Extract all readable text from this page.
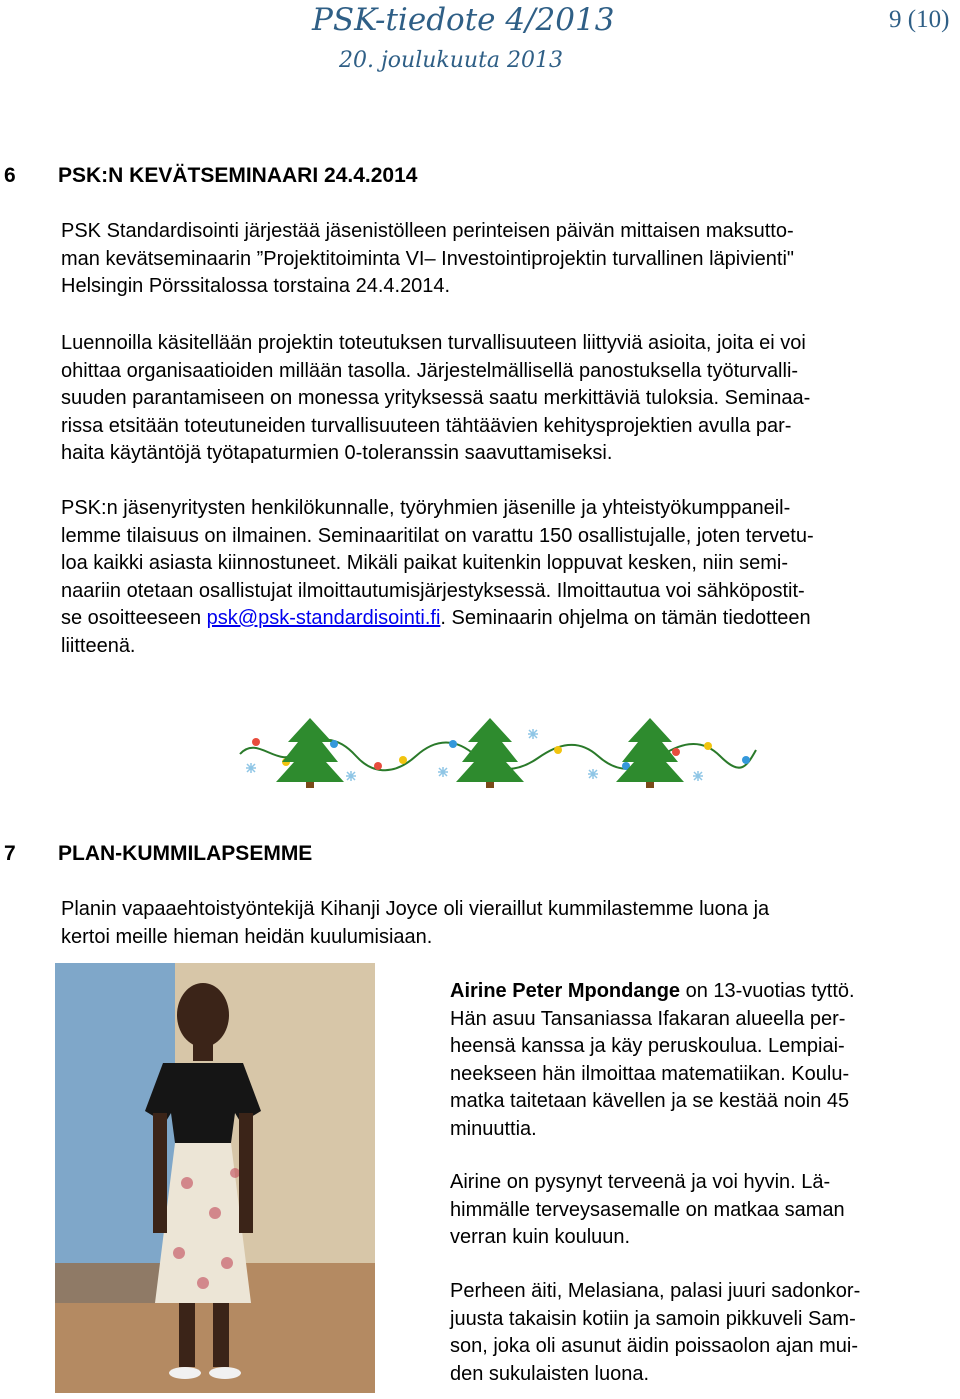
PSK-tiedote 4/2013	9 (10)
20. joulukuuta 2013
6 PSK:N KEVÄTSEMINAARI 24.4.2014
PSK Standardisointi järjestää jäsenistölleen perinteisen päivän mittaisen maksutto-
man kevätseminaarin ”Projektitoiminta VI– Investointiprojektin turvallinen läpivienti"
Helsingin Pörssitalossa torstaina 24.4.2014.
Luennoilla käsitellään projektin toteutuksen turvallisuuteen liittyviä asioita, joita ei voi
ohittaa organisaatioiden millään tasolla. Järjestelmällisellä panostuksella työturvalli-
suuden parantamiseen on monessa yrityksessä saatu merkittäviä tuloksia. Seminaa-
rissa etsitään toteutuneiden turvallisuuteen tähtäävien kehitysprojektien avulla par-
haita käytäntöjä työtapaturmien 0-toleranssin saavuttamiseksi.
PSK:n jäsenyritysten henkilökunnalle, työryhmien jäsenille ja yhteistyökumppaneil-
lemme tilaisuus on ilmainen. Seminaaritilat on varattu 150 osallistujalle, joten tervetu-
loa kaikki asiasta kiinnostuneet. Mikäli paikat kuitenkin loppuvat kesken, niin semi-
naariin otetaan osallistujat ilmoittautumisjärjestyksessä. Ilmoittautua voi sähköpostit-
se osoitteeseen psk@psk-standardisointi.fi. Seminaarin ohjelma on tämän tiedotteen
liitteenä.
7 PLAN-KUMMILAPSEMME
Planin vapaaehtoistyöntekijä Kihanji Joyce oli vieraillut kummilastemme luona ja
kertoi meille hieman heidän kuulumisiaan.
Airine Peter Mpondange on 13-vuotias tyttö.
Hän asuu Tansaniassa Ifakaran alueella per-
heensä kanssa ja käy peruskoulua. Lempiai-
neekseen hän ilmoittaa matematiikan. Koulu-
matka taitetaan kävellen ja se kestää noin 45
minuuttia.
Airine on pysynyt terveenä ja voi hyvin. Lä-
himmälle terveysasemalle on matkaa saman
verran kuin kouluun.
Perheen äiti, Melasiana, palasi juuri sadonkor-
juusta takaisin kotiin ja samoin pikkuveli Sam-
son, joka oli asunut äidin poissaolon ajan mui-
den sukulaisten luona.
